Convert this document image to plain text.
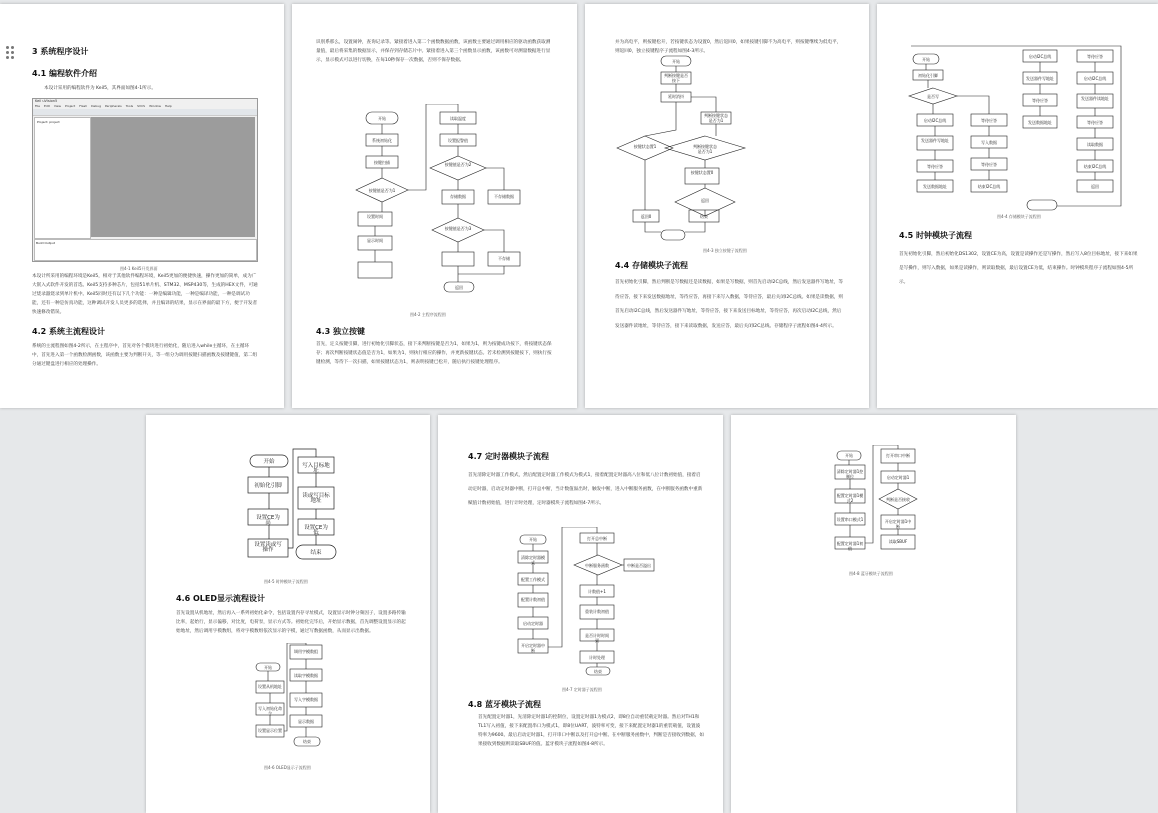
3 系统程序设计
4.1 编程软件介绍
本设计采用的编程软件为 Keil5，其界面如图4-1所示。
Keil uVision5
File Edit View Project Flash Debug Peripherals Tools SVCS Window Help
Project: project
Build Output
图4-1 Keil5开发界面
本设计所采用的编程环境是Keil5，相对于其他软件编程环境，Keil5更加的便捷快速，操作更加的简单，成为广大嵌入式软件开发的首选。Keil5支持多种芯片，包括51单片机、STM32、MSP430等，生成的HEX文件，可通过烧录器烧录到单片机中。Keil5同时还有以下几个功能：一种是编辑功能，一种是编译功能，一种是调试功能，还有一种是仿真功能，这种调试开发人员更多的选择，并且编译的结果，显示在界面的最下方，便于开发者快速修改错误。
4.2 系统主流程设计
系统的主流程图如图4-2所示，在主程序中，首先对各个模块进行初始化，随后进入while主循环，在主循环中，首先进入第一个函数检测函数，该函数主要为判断开关，等一组分为调用按键扫描函数及按键键值，第二组分通过键盘进行相应的处理操作。
识别系那么，设置闹钟，查询记录等。紧接着进入第二个函数数据函数，该函数主要通过调用相应的驱动函数获取测量值，最后将采集的数据显示，并保存到存储芯片中。紧接着进入第三个函数显示函数，该函数可对测量数据进行显示，显示模式可以进行切换，在每10秒保存一次数据，否则不保存数据。
开始
系统初始化
按键扫描
按键值是否为1
按键值是否为2
设置时间
显示时间
读取温度
按键值是否为3
存储数据	不存储数据
设置报警值
不存储
返回
图4-2 主程序流程图
4.3 独立按键
首先，定义按键引脚，进行初始化引脚状态，接下来判断按键是否为1，如果为1，则为按键成功按下，将按键状态保存；再次判断按键状态值是否为1，如果为1，则执行相应的操作，并更新按键状态。若未检测到按键按下，则执行按键检测，等待下一次扫描，如果按键状态为1，则表明按键已松开，随后执行按键处理程序。
并为高电平，则按键松开，若按键状态为设置0，然后返回0，如果按键引脚不为高电平，则按键继续为低电平，则返回0，独立按键程序子流程如图4-3所示。
开始
判断按键是否按下
延时消抖
判断按键状态是否为1
按键状态置1	判断按键状态是否为1
按键状态置0
返回
返回0	结束
图4-3 独立按键子流程图
4.4 存储模块子流程
首先初始化引脚，然后判断是写数据还是读数据，如果是写数据，则首先启动I2C总线，然后发送器件写地址，等待应答，接下来发送数据地址，等待应答，再接下来写入数据，等待应答，最后关闭I2C总线。如果是读数据，则首先启动I2C总线，然后发送器件写地址，等待应答，接下来发送目标地址，等待应答，再次启动I2C总线，然后发送器件读地址，等待应答，接下来读取数据，发送应答，最后关闭I2C总线。存储程序子流程如图4-4所示。
开始
初始化引脚
是否写
启动I2C总线
发送器件写地址
等待应答
发送数据地址
等待应答
写入数据
等待应答
结束I2C总线
启动I2C总线
发送器件写地址
等待应答
发送数据地址
等待应答
启动I2C总线
发送器件读地址
等待应答
读取数据
结束I2C总线
返回
图4-4 存储模块子流程图
4.5 时钟模块子流程
首先初始化引脚，然后初始化DS1302，设置CE为高，设置是读操作还是写操作，然后写入8位目标地址，接下来如果是写操作，则写入数据，如果是读操作，则读取数据，最后设置CE为低，结束操作。时钟模块程序子流程如图4-5所示。
开始
初始化引脚
设置CE为高
设置读或写操作
写入目标地址
读或写目标地址
设置CE为低
结束
图4-5 时钟模块子流程图
4.6 OLED显示流程设计
首先设置从机地址，然后再入一系列初始化命令，包括设置内存寻址模式，设置显示时钟分频因子，设置多路传输比率，起始行，显示偏移，对比度，电荷泵，显示方式等。初始化完毕后，开始显示数据，首先调整设置显示的起始地址，然后调用字模数组，将对字模数组依次显示的字模，通过写数据函数，从而显示出数据。
开始
设置从机地址
写入初始化命令
设置显示位置
调用字模数组
读取字模数据
写入字模数据
显示数据
结束
图4-6 OLED显示子流程图
4.7 定时器模块子流程
首先清除定时器工作模式，然后配置定时器工作模式为模式1，接着配置定时器高八位和低八位计数初始值，接着启动定时器，启动定时器中断，打开总中断，当计数值溢出时，触发中断，进入中断服务函数，在中断服务函数中重新赋值计数初始值，进行计时处理，定时器模块子流程如图4-7所示。
开始
清除定时器模式
配置工作模式
配置计数初值
启动定时器
开启定时器中断
打开总中断
中断服务函数	中断是否溢出
计数值+1
重装计数初值
是否计时时间到
计时处理
结束
图4-7 定时器子流程图
4.8 蓝牙模块子流程
首先配置定时器1，先清除定时器1的控制位，设置定时器1为模式2，即8位自动重装载定时器。然后对TH1和TL1写入初值，接下来配置串口为模式1，即8位UART，波特率可变，接下来配置定时器1的重装载值，设置波特率为9600。最后启动定时器1，打开串口中断以及打开总中断。在中断服务函数中，判断是否接收到数据，如果接收到数据则读取SBUF的值。蓝牙模块子流程如图4-8所示。
开始
清除定时器1控制位
配置定时器1模式2
设置串口模式1
配置定时器1初值
打开串口中断
启动定时器1
判断是否接收
开启定时器1中断
读取SBUF
图4-8 蓝牙模块子流程图
